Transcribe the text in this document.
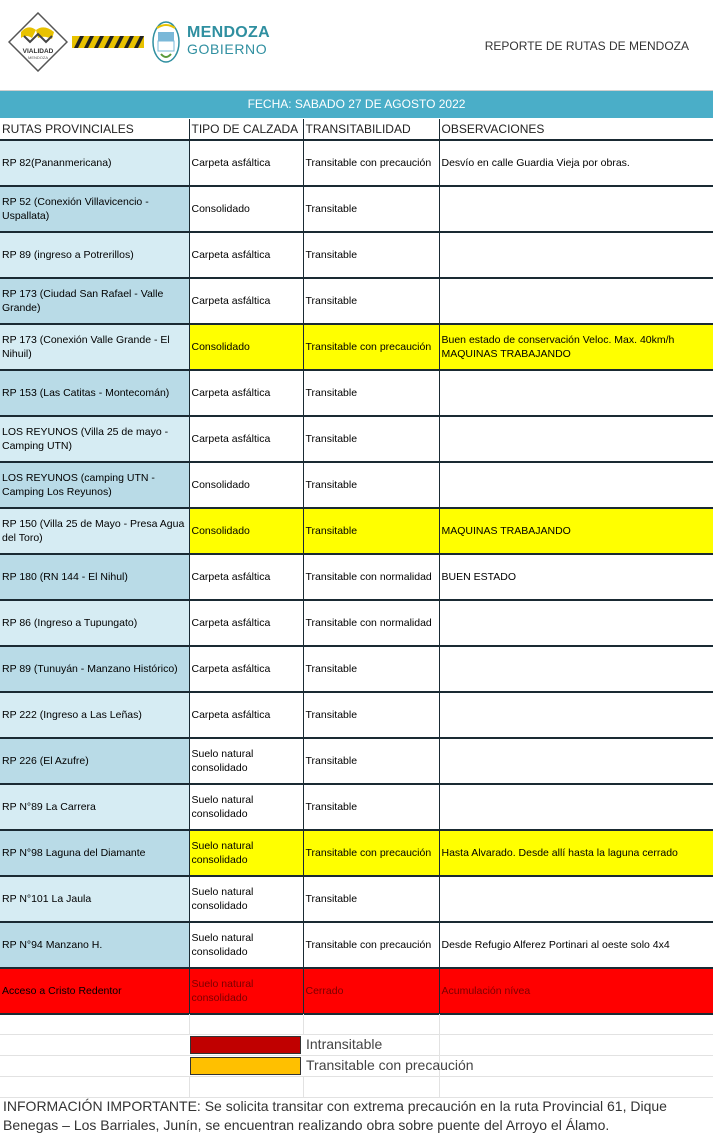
VIALIDAD
MENDOZA
MENDOZA
GOBIERNO	REPORTE DE RUTAS DE MENDOZA
FECHA: SABADO 27 DE AGOSTO 2022
RUTAS PROVINCIALES	TIPO DE CALZADA	TRANSITABILIDAD	OBSERVACIONES
RP 82(Pananmericana)	Carpeta asfáltica	Transitable con precaución	Desvío en calle Guardia Vieja por obras.
RP 52 (Conexión Villavicencio - Uspallata)	Consolidado	Transitable	
RP 89 (ingreso a Potrerillos)	Carpeta asfáltica	Transitable	
RP 173 (Ciudad San Rafael - Valle Grande)	Carpeta asfáltica	Transitable	
RP 173 (Conexión Valle Grande - El Nihuil)	Consolidado	Transitable con precaución	Buen estado de conservación Veloc. Max. 40km/h MAQUINAS TRABAJANDO
RP 153 (Las Catitas - Montecomán)	Carpeta asfáltica	Transitable	
LOS REYUNOS (Villa 25 de mayo - Camping UTN)	Carpeta asfáltica	Transitable	
LOS REYUNOS (camping UTN - Camping Los Reyunos)	Consolidado	Transitable	
RP 150 (Villa 25 de Mayo - Presa Agua del Toro)	Consolidado	Transitable	MAQUINAS TRABAJANDO
RP 180 (RN 144 - El Nihul)	Carpeta asfáltica	Transitable con normalidad	BUEN ESTADO
RP 86 (Ingreso a Tupungato)	Carpeta asfáltica	Transitable con normalidad	
RP 89 (Tunuyán - Manzano Histórico)	Carpeta asfáltica	Transitable	
RP 222 (Ingreso a Las Leñas)	Carpeta asfáltica	Transitable	
RP 226 (El Azufre)	Suelo natural consolidado	Transitable	
RP N°89 La Carrera	Suelo natural consolidado	Transitable	
RP N°98 Laguna del Diamante	Suelo natural consolidado	Transitable con precaución	Hasta Alvarado. Desde allí hasta la laguna cerrado
RP N°101 La Jaula	Suelo natural consolidado	Transitable	
RP N°94 Manzano H.	Suelo natural consolidado	Transitable con precaución	Desde Refugio Alferez Portinari al oeste solo 4x4
Acceso a Cristo Redentor	Suelo natural consolidado	Cerrado	Acumulación nívea
Intransitable
Transitable con precaución
INFORMACIÓN IMPORTANTE: Se solicita transitar con extrema precaución en la ruta Provincial 61, Dique Benegas – Los Barriales, Junín, se encuentran realizando obra sobre puente del Arroyo el Álamo.
